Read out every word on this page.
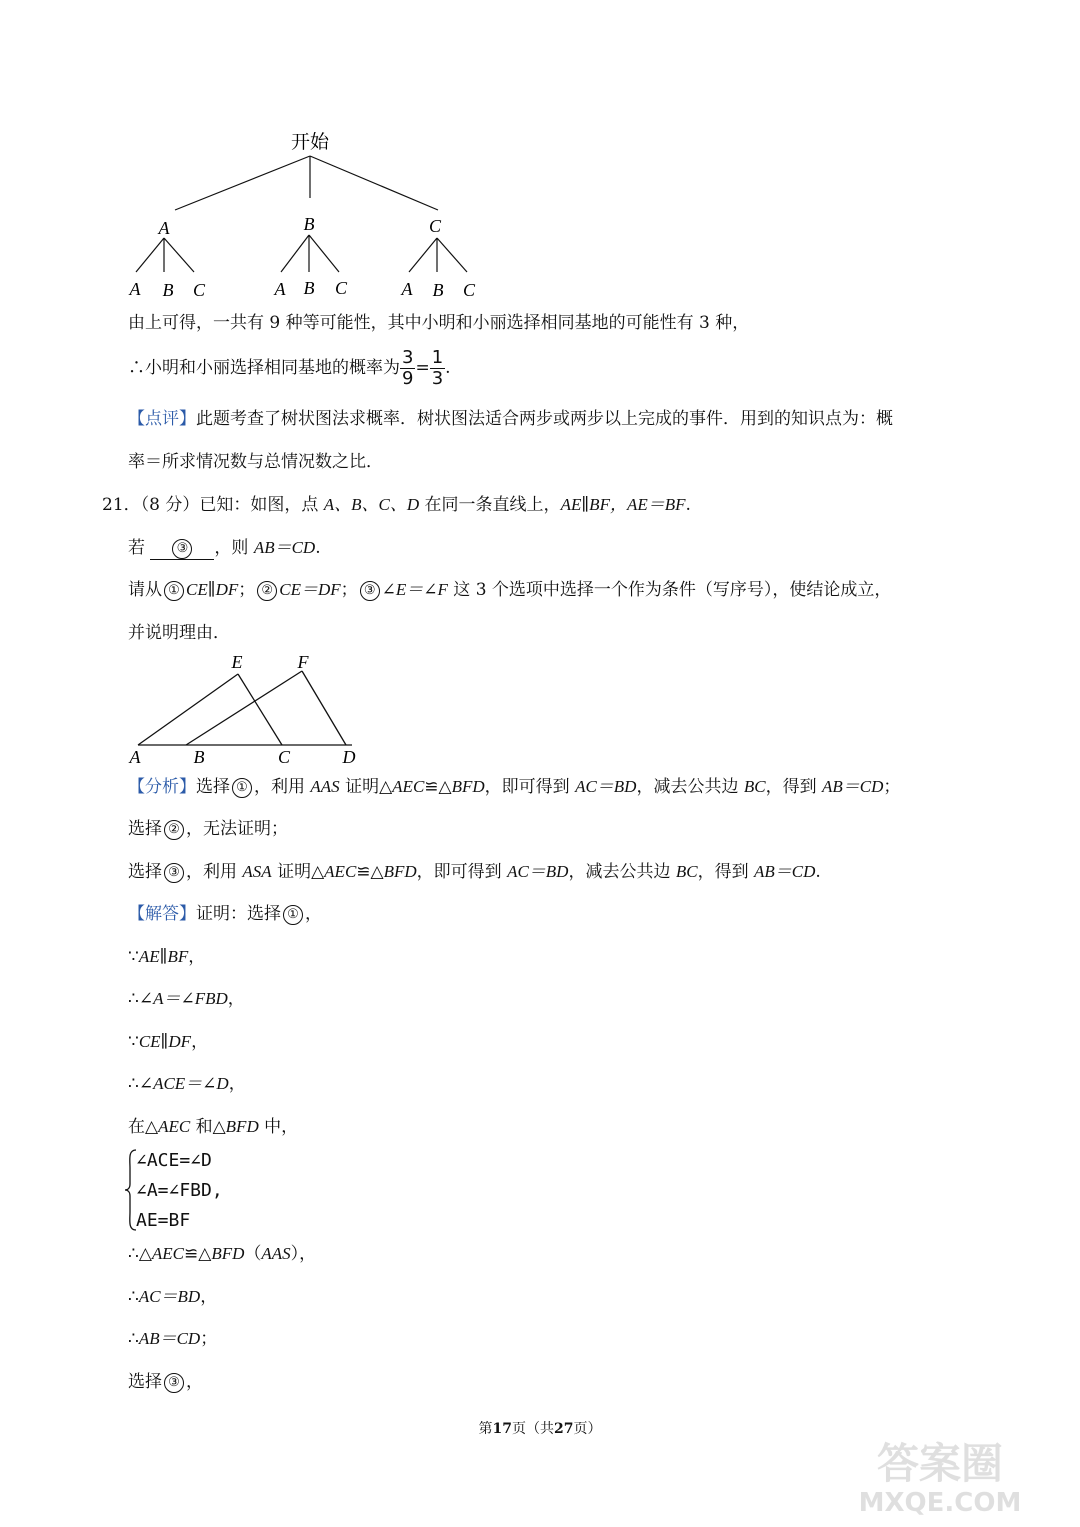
开始
A	B	C
A B C	A B C	A B C
由上可得，一共有 9 种等可能性，其中小明和小丽选择相同基地的可能性有 3 种，
∴小明和小丽选择相同基地的概率为 $\frac{3}{9} = \frac{1}{3}$ .
【点评】此题考查了树状图法求概率．树状图法适合两步或两步以上完成的事件．用到的知识点为：概
率＝所求情况数与总情况数之比．
21．（8 分）已知：如图，点 A、B、C、D 在同一条直线上，AE∥BF，AE＝BF.
若 ③ ，则 AB＝CD.
请从 ① CE∥DF； ② CE＝DF； ③ ∠E＝∠F 这 3 个选项中选择一个作为条件（写序号），使结论成立，
并说明理由．
A	B	C	D
E	F
【分析】选择 ① ，利用 AAS 证明△AEC≌△BFD，即可得到 AC＝BD，减去公共边 BC，得到 AB＝CD；
选择 ② ，无法证明；
选择 ③ ，利用 ASA 证明△AEC≌△BFD，即可得到 AC＝BD，减去公共边 BC，得到 AB＝CD.
【解答】证明：选择 ① ，
∵AE∥BF，
∴∠A＝∠FBD，
∵CE∥DF，
∴∠ACE＝∠D，
在△AEC 和△BFD 中，
∠ACE=∠D
∠A=∠FBD,
AE=BF
∴△AEC≌△BFD（AAS），
∴AC＝BD，
∴AB＝CD；
选择 ③ ，
第17页（共27页）
答案圈
MXQE.COM
